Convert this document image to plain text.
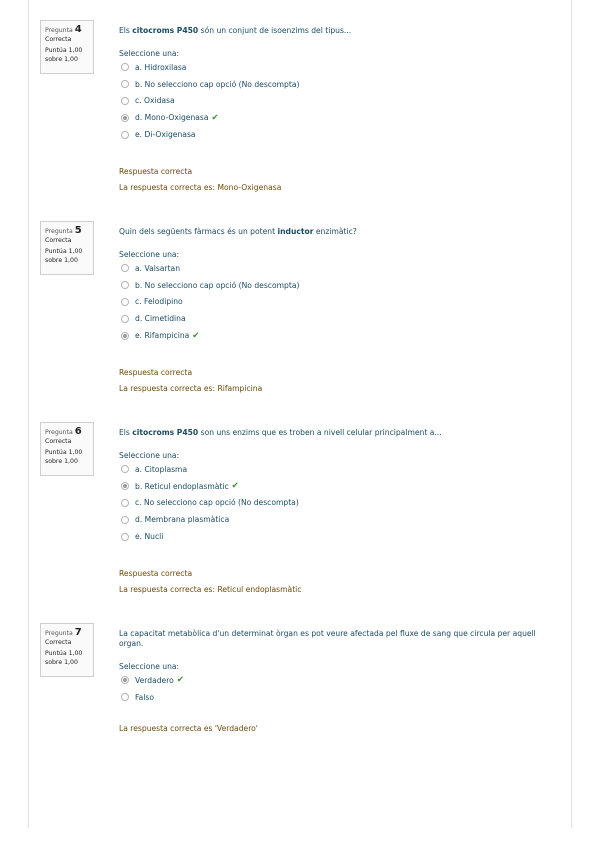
Pregunta 4
Correcta
Puntúa 1,00
sobre 1,00
Els citocroms P450 són un conjunt de isoenzims del tipus...
Seleccione una:
a. Hidroxilasa
b. No selecciono cap opció (No descompta)
c. Oxidasa
d. Mono-Oxigenasa ✔
e. Di-Oxigenasa
Respuesta correcta
La respuesta correcta es: Mono-Oxigenasa
Pregunta 5
Correcta
Puntúa 1,00
sobre 1,00
Quin dels següents fàrmacs és un potent inductor enzimàtic?
Seleccione una:
a. Valsartan
b. No selecciono cap opció (No descompta)
c. Felodipino
d. Cimetidina
e. Rifampicina ✔
Respuesta correcta
La respuesta correcta es: Rifampicina
Pregunta 6
Correcta
Puntúa 1,00
sobre 1,00
Els citocroms P450 son uns enzims que es troben a nivell celular principalment a...
Seleccione una:
a. Citoplasma
b. Reticul endoplasmàtic ✔
c. No selecciono cap opció (No descompta)
d. Membrana plasmàtica
e. Nucli
Respuesta correcta
La respuesta correcta es: Reticul endoplasmàtic
Pregunta 7
Correcta
Puntúa 1,00
sobre 1,00
La capacitat metabòlica d'un determinat òrgan es pot veure afectada pel fluxe de sang que circula per aquell organ.
Seleccione una:
Verdadero ✔
Falso
La respuesta correcta es 'Verdadero'
